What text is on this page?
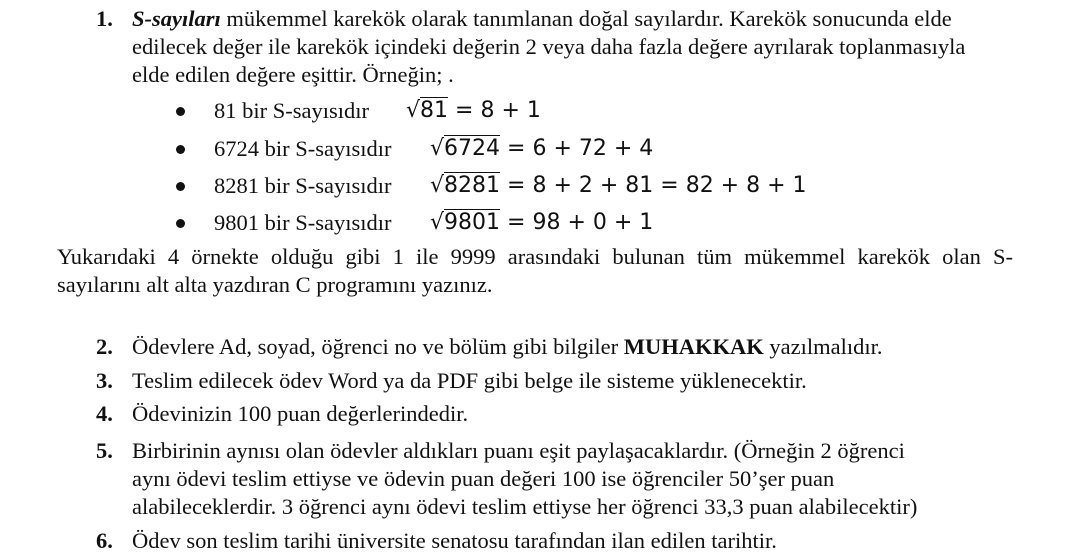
1. S-sayıları mükemmel karekök olarak tanımlanan doğal sayılardır. Karekök sonucunda elde
edilecek değer ile karekök içindeki değerin 2 veya daha fazla değere ayrılarak toplanmasıyla
elde edilen değere eşittir. Örneğin; .
81 bir S-sayısıdır √81 = 8 + 1
6724 bir S-sayısıdır √6724 = 6 + 72 + 4
8281 bir S-sayısıdır √8281 = 8 + 2 + 81 = 82 + 8 + 1
9801 bir S-sayısıdır √9801 = 98 + 0 + 1
Yukarıdaki 4 örnekte olduğu gibi 1 ile 9999 arasındaki bulunan tüm mükemmel karekök olan S-
sayılarını alt alta yazdıran C programını yazınız.
2. Ödevlere Ad, soyad, öğrenci no ve bölüm gibi bilgiler MUHAKKAK yazılmalıdır.
3. Teslim edilecek ödev Word ya da PDF gibi belge ile sisteme yüklenecektir.
4. Ödevinizin 100 puan değerlerindedir.
5. Birbirinin aynısı olan ödevler aldıkları puanı eşit paylaşacaklardır. (Örneğin 2 öğrenci
aynı ödevi teslim ettiyse ve ödevin puan değeri 100 ise öğrenciler 50’şer puan
alabileceklerdir. 3 öğrenci aynı ödevi teslim ettiyse her öğrenci 33,3 puan alabilecektir)
6. Ödev son teslim tarihi üniversite senatosu tarafından ilan edilen tarihtir.
